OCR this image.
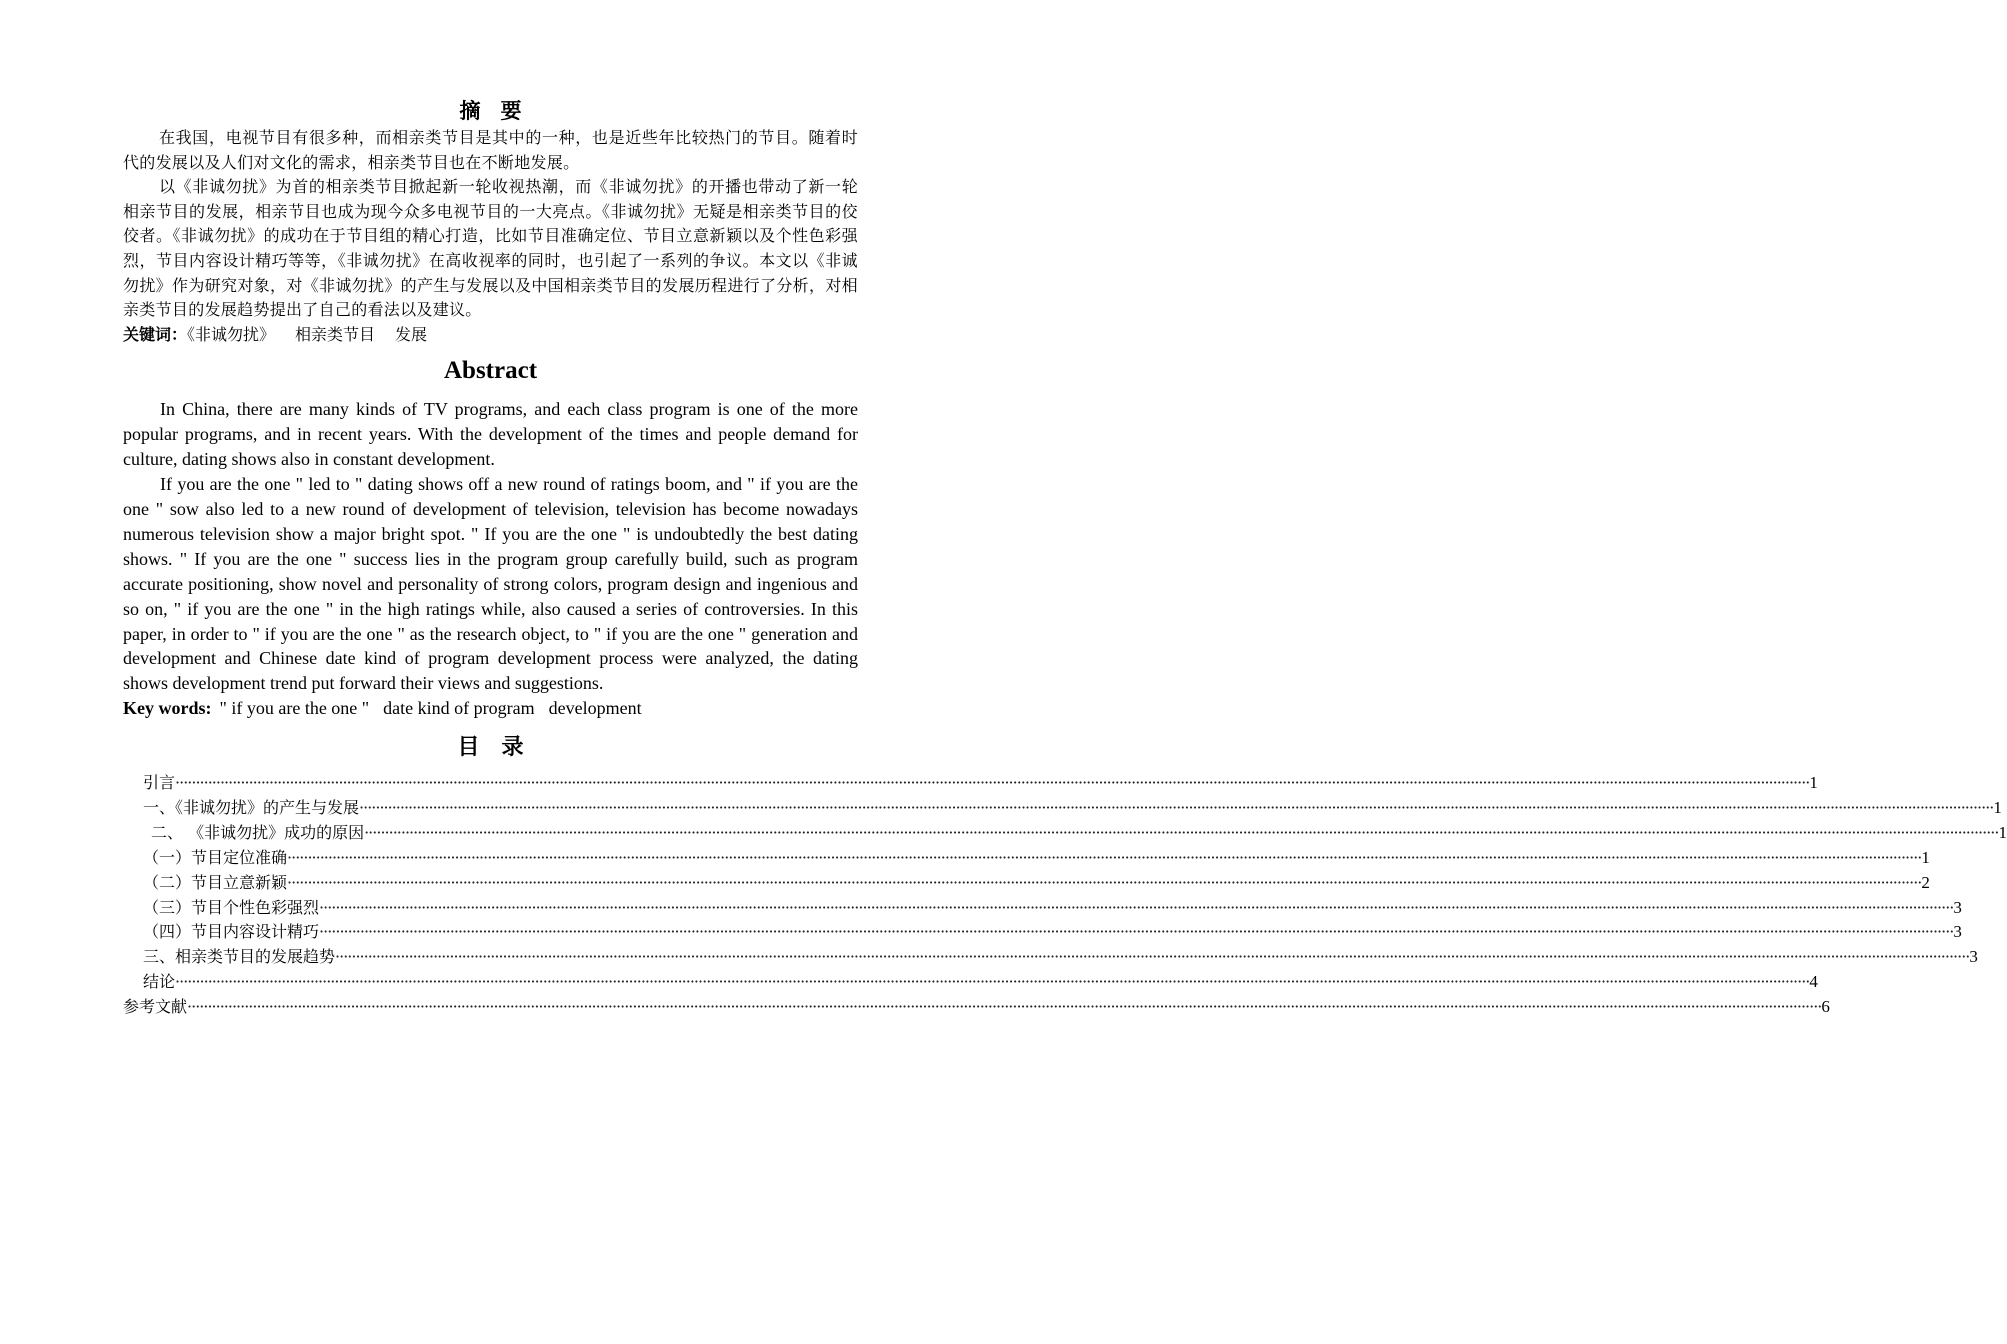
摘要

在我国，电视节目有很多种，而相亲类节目是其中的一种，也是近些年比较热门的节目。随着时代的发展以及人们对文化的需求，相亲类节目也在不断地发展。

以《非诚勿扰》为首的相亲类节目掀起新一轮收视热潮，而《非诚勿扰》的开播也带动了新一轮相亲节目的发展，相亲节目也成为现今众多电视节目的一大亮点。《非诚勿扰》无疑是相亲类节目的佼佼者。《非诚勿扰》的成功在于节目组的精心打造，比如节目准确定位、节目立意新颖以及个性色彩强烈，节目内容设计精巧等等，《非诚勿扰》在高收视率的同时，也引起了一系列的争议。本文以《非诚勿扰》作为研究对象，对《非诚勿扰》的产生与发展以及中国相亲类节目的发展历程进行了分析，对相亲类节目的发展趋势提出了自己的看法以及建议。

关键词：《非诚勿扰》 相亲类节目 发展

Abstract

In China, there are many kinds of TV programs, and each class program is one of the more popular programs, and in recent years. With the development of the times and people demand for culture, dating shows also in constant development.

If you are the one " led to " dating shows off a new round of ratings boom, and " if you are the one " sow also led to a new round of development of television, television has become nowadays numerous television show a major bright spot. " If you are the one " is undoubtedly the best dating shows. " If you are the one " success lies in the program group carefully build, such as program accurate positioning, show novel and personality of strong colors, program design and ingenious and so on, " if you are the one " in the high ratings while, also caused a series of controversies. In this paper, in order to " if you are the one " as the research object, to " if you are the one " generation and development and Chinese date kind of program development process were analyzed, the dating shows development trend put forward their views and suggestions.

Key words: " if you are the one " date kind of program development

目录
引言 ················································································································································································································································································································································································································ 1
一、《非诚勿扰》的产生与发展 ················································································································································································································································································································································································································ 1
二、 《非诚勿扰》成功的原因 ················································································································································································································································································································································································································ 1
（一）节目定位准确 ················································································································································································································································································································································································································ 1
（二）节目立意新颖 ················································································································································································································································································································································································································ 2
（三）节目个性色彩强烈 ················································································································································································································································································································································································································ 3
（四）节目内容设计精巧 ················································································································································································································································································································································································································ 3
三、相亲类节目的发展趋势 ················································································································································································································································································································································································································ 3
结论 ················································································································································································································································································································································································································ 4
参考文献 ················································································································································································································································································································································································································ 6
